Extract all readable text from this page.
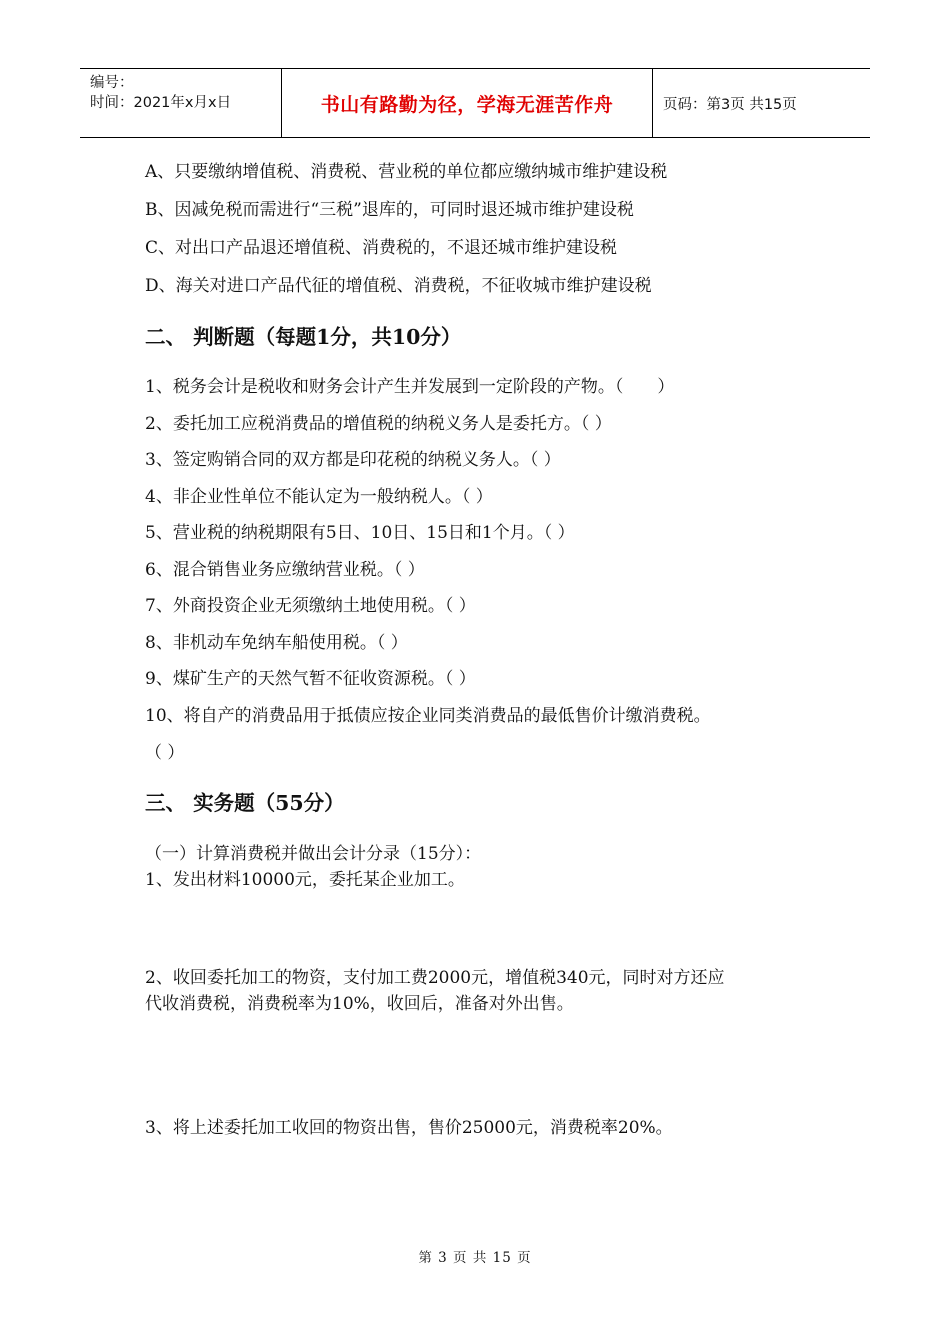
编号：
时间：2021年x月x日	书山有路勤为径，学海无涯苦作舟	页码：第3页 共15页
A、只要缴纳增值税、消费税、营业税的单位都应缴纳城市维护建设税
B、因减免税而需进行“三税”退库的，可同时退还城市维护建设税
C、对出口产品退还增值税、消费税的，不退还城市维护建设税
D、海关对进口产品代征的增值税、消费税，不征收城市维护建设税
二、 判断题（每题1分，共10分）
1、税务会计是税收和财务会计产生并发展到一定阶段的产物。（　　）
2、委托加工应税消费品的增值税的纳税义务人是委托方。（ ）
3、签定购销合同的双方都是印花税的纳税义务人。（ ）
4、非企业性单位不能认定为一般纳税人。（ ）
5、营业税的纳税期限有5日、10日、15日和1个月。（ ）
6、混合销售业务应缴纳营业税。（ ）
7、外商投资企业无须缴纳土地使用税。（ ）
8、非机动车免纳车船使用税。（ ）
9、煤矿生产的天然气暂不征收资源税。（ ）
10、将自产的消费品用于抵债应按企业同类消费品的最低售价计缴消费税。
（ ）
三、 实务题（55分）
（一）计算消费税并做出会计分录（15分）：
1、发出材料10000元，委托某企业加工。
2、收回委托加工的物资，支付加工费2000元，增值税340元，同时对方还应
代收消费税，消费税率为10%，收回后，准备对外出售。
3、将上述委托加工收回的物资出售，售价25000元，消费税率20%。
第 3 页 共 15 页
